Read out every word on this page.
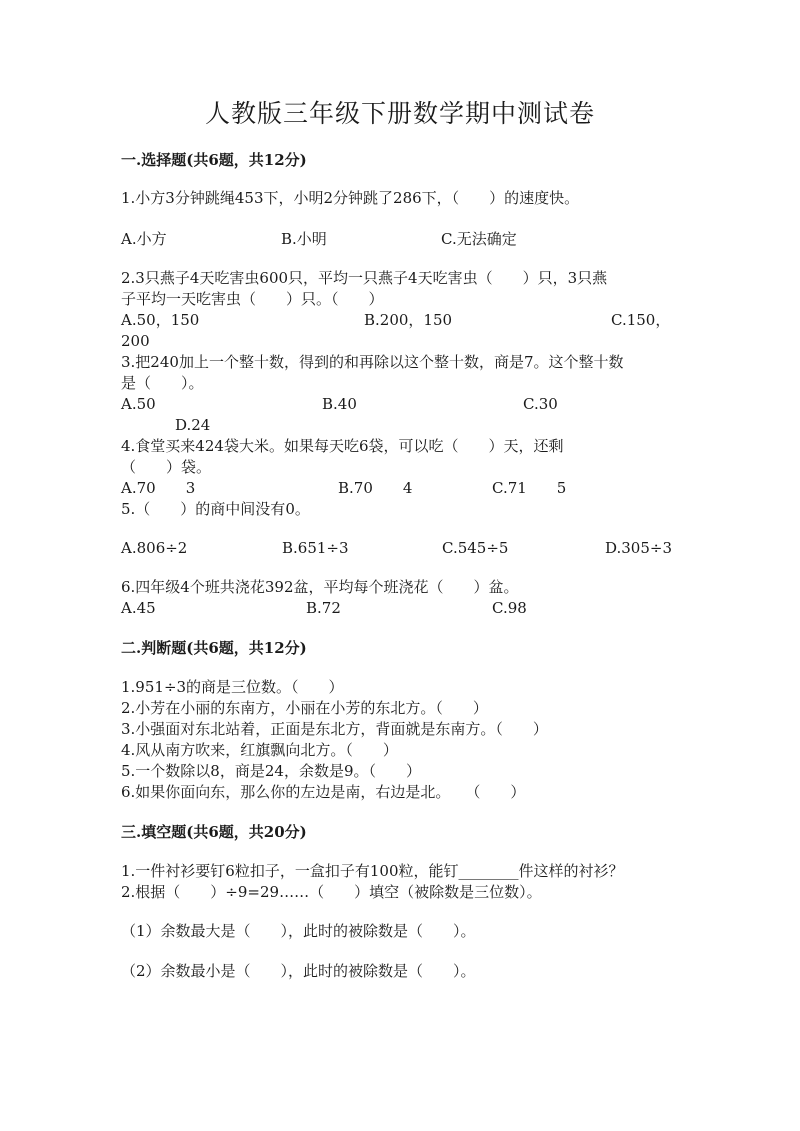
人教版三年级下册数学期中测试卷
一.选择题(共6题，共12分)
1.小方3分钟跳绳453下，小明2分钟跳了286下，（　　）的速度快。
A.小方	B.小明	C.无法确定
2.3只燕子4天吃害虫600只，平均一只燕子4天吃害虫（　　）只，3只燕
子平均一天吃害虫（　　）只。（　　）
A.50，150	B.200，150	C.150，
200
3.把240加上一个整十数，得到的和再除以这个整十数，商是7。这个整十数
是（　　）。
A.50	B.40	C.30
D.24
4.食堂买来424袋大米。如果每天吃6袋，可以吃（　　）天，还剩
（　　）袋。
A.70　　3	B.70　　4	C.71　　5
5.（　　）的商中间没有0。
A.806÷2	B.651÷3	C.545÷5	D.305÷3
6.四年级4个班共浇花392盆，平均每个班浇花（　　）盆。
A.45	B.72	C.98
二.判断题(共6题，共12分)
1.951÷3的商是三位数。（　　）
2.小芳在小丽的东南方，小丽在小芳的东北方。（　　）
3.小强面对东北站着，正面是东北方，背面就是东南方。（　　）
4.风从南方吹来，红旗飘向北方。（　　）
5.一个数除以8，商是24，余数是9。（　　）
6.如果你面向东，那么你的左边是南，右边是北。　　（　　）
三.填空题(共6题，共20分)
1.一件衬衫要钉6粒扣子，一盒扣子有100粒，能钉________件这样的衬衫？
2.根据（　　）÷9=29……（　　）填空（被除数是三位数）。
（1）余数最大是（　　），此时的被除数是（　　）。
（2）余数最小是（　　），此时的被除数是（　　）。
